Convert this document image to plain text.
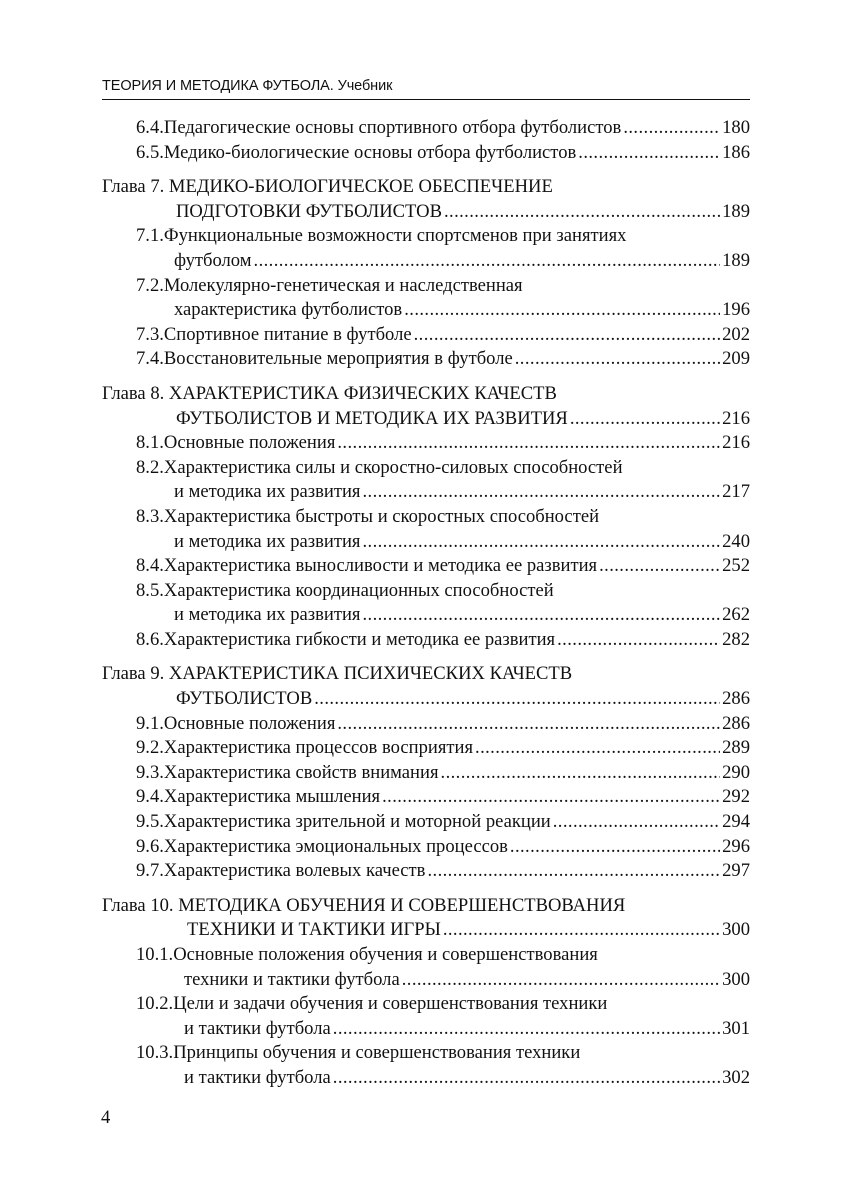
ТЕОРИЯ И МЕТОДИКА ФУТБОЛА. Учебник
6.4. Педагогические основы спортивного отбора футболистов .....	180
6.5. Медико-биологические основы отбора футболистов .....	186
Глава 7. МЕДИКО-БИОЛОГИЧЕСКОЕ ОБЕСПЕЧЕНИЕ
ПОДГОТОВКИ ФУТБОЛИСТОВ .....	189
7.1. Функциональные возможности спортсменов при занятиях
футболом .....	189
7.2. Молекулярно-генетическая и наследственная
характеристика футболистов .....	196
7.3. Спортивное питание в футболе .....	202
7.4. Восстановительные мероприятия в футболе .....	209
Глава 8. ХАРАКТЕРИСТИКА ФИЗИЧЕСКИХ КАЧЕСТВ
ФУТБОЛИСТОВ И МЕТОДИКА ИХ РАЗВИТИЯ .....	216
8.1. Основные положения .....	216
8.2. Характеристика силы и скоростно-силовых способностей
и методика их развития .....	217
8.3. Характеристика быстроты и скоростных способностей
и методика их развития .....	240
8.4. Характеристика выносливости и методика ее развития .....	252
8.5. Характеристика координационных способностей
и методика их развития .....	262
8.6. Характеристика гибкости и методика ее развития .....	282
Глава 9. ХАРАКТЕРИСТИКА ПСИХИЧЕСКИХ КАЧЕСТВ
ФУТБОЛИСТОВ .....	286
9.1. Основные положения .....	286
9.2. Характеристика процессов восприятия .....	289
9.3. Характеристика свойств внимания .....	290
9.4. Характеристика мышления .....	292
9.5. Характеристика зрительной и моторной реакции .....	294
9.6. Характеристика эмоциональных процессов .....	296
9.7. Характеристика волевых качеств .....	297
Глава 10. МЕТОДИКА ОБУЧЕНИЯ И СОВЕРШЕНСТВОВАНИЯ
ТЕХНИКИ И ТАКТИКИ ИГРЫ .....	300
10.1. Основные положения обучения и совершенствования
техники и тактики футбола .....	300
10.2. Цели и задачи обучения и совершенствования техники
и тактики футбола .....	301
10.3. Принципы обучения и совершенствования техники
и тактики футбола .....	302
4
